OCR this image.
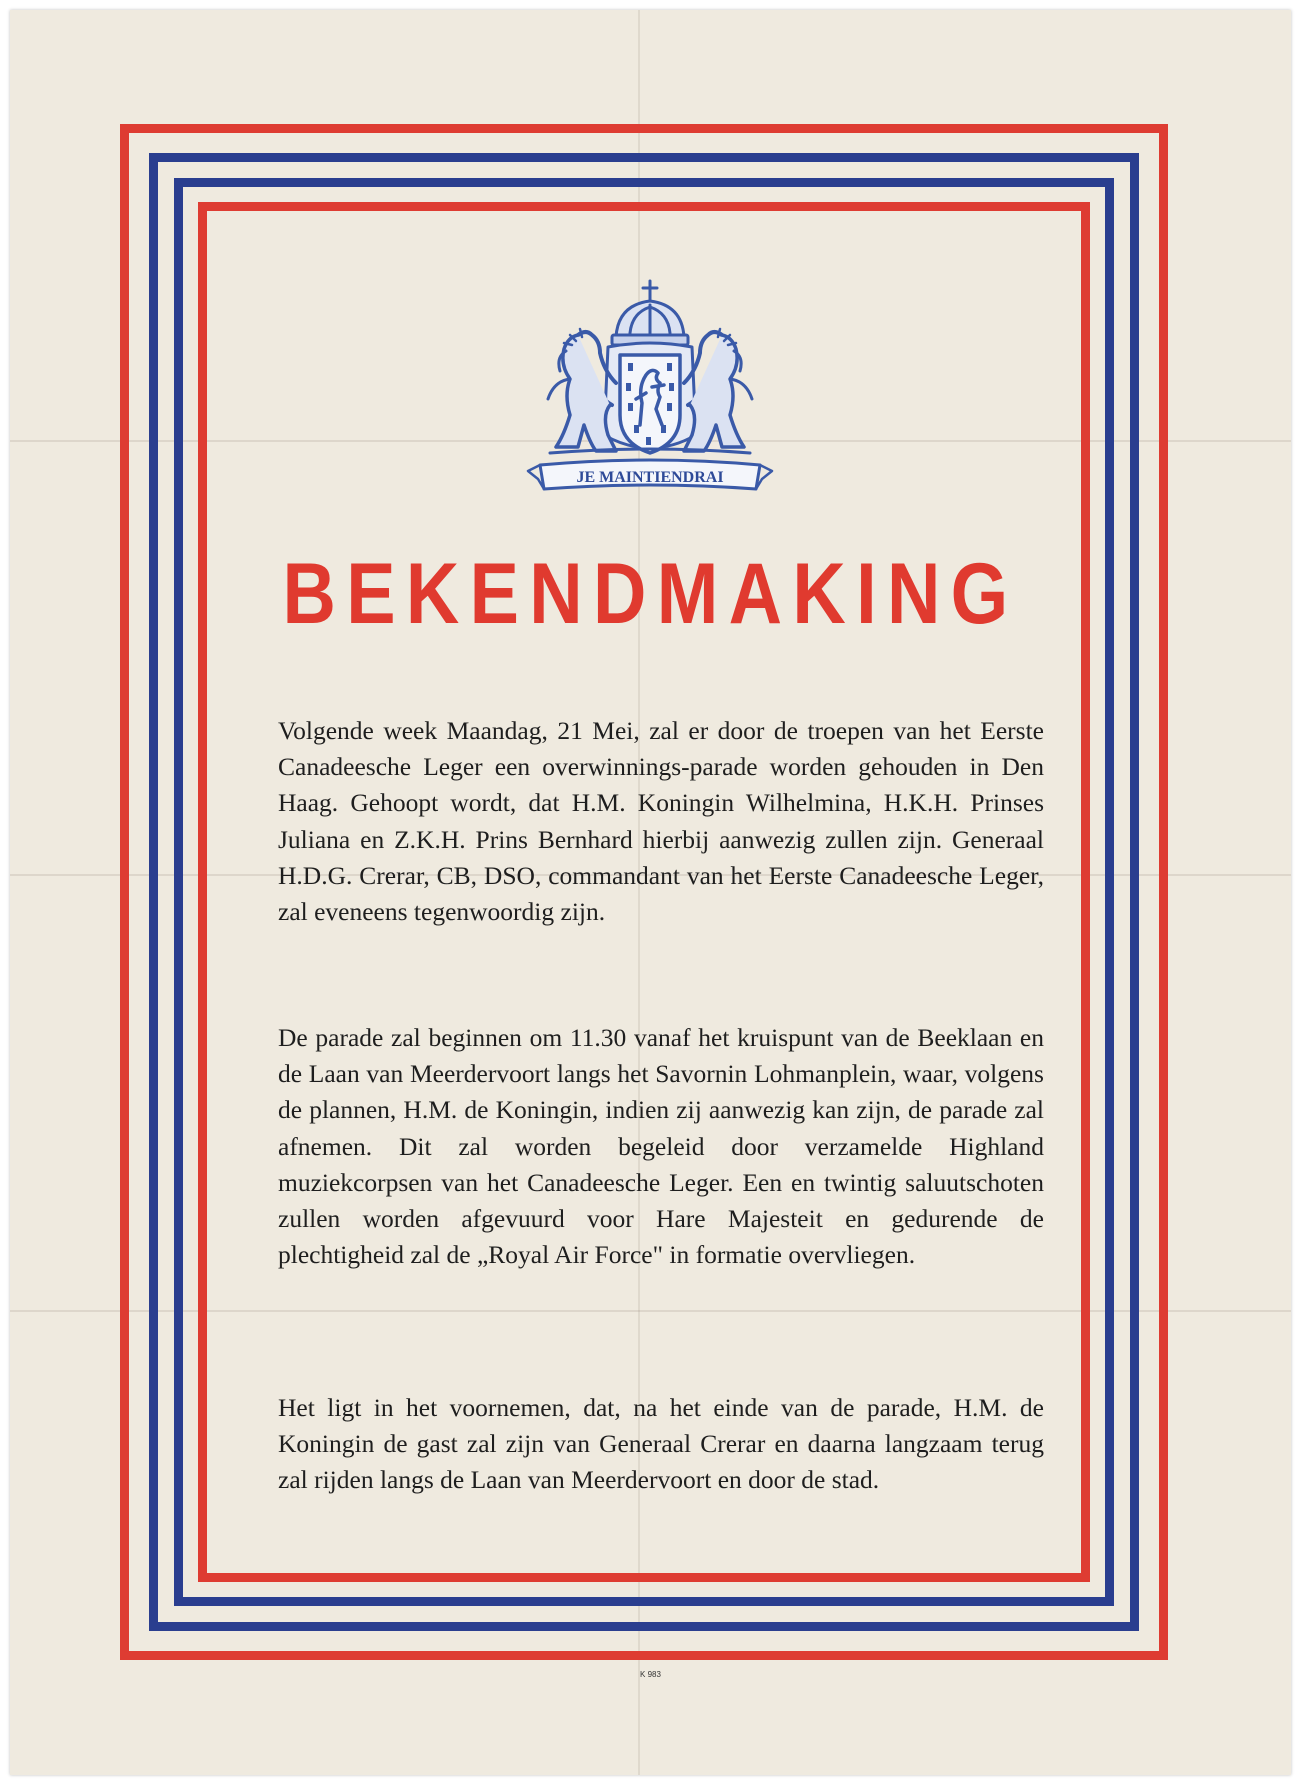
JE MAINTIENDRAI
BEKENDMAKING

Volgende week Maandag, 21 Mei, zal er door de troepen van het Eerste Canadeesche Leger een overwinnings-parade worden gehouden in Den Haag. Gehoopt wordt, dat H.M. Koningin Wilhelmina, H.K.H. Prinses Juliana en Z.K.H. Prins Bernhard hierbij aanwezig zullen zijn. Generaal H.D.G. Crerar, CB, DSO, commandant van het Eerste Canadeesche Leger, zal eveneens tegenwoordig zijn.

De parade zal beginnen om 11.30 vanaf het kruispunt van de Beeklaan en de Laan van Meerdervoort langs het Savornin Lohmanplein, waar, volgens de plannen, H.M. de Koningin, indien zij aanwezig kan zijn, de parade zal afnemen. Dit zal worden begeleid door verzamelde Highland muziekcorpsen van het Canadeesche Leger. Een en twintig saluutschoten zullen worden afgevuurd voor Hare Majesteit en gedurende de plechtigheid zal de „Royal Air Force" in formatie overvliegen.

Het ligt in het voornemen, dat, na het einde van de parade, H.M. de Koningin de gast zal zijn van Generaal Crerar en daarna langzaam terug zal rijden langs de Laan van Meerdervoort en door de stad.

K 983
